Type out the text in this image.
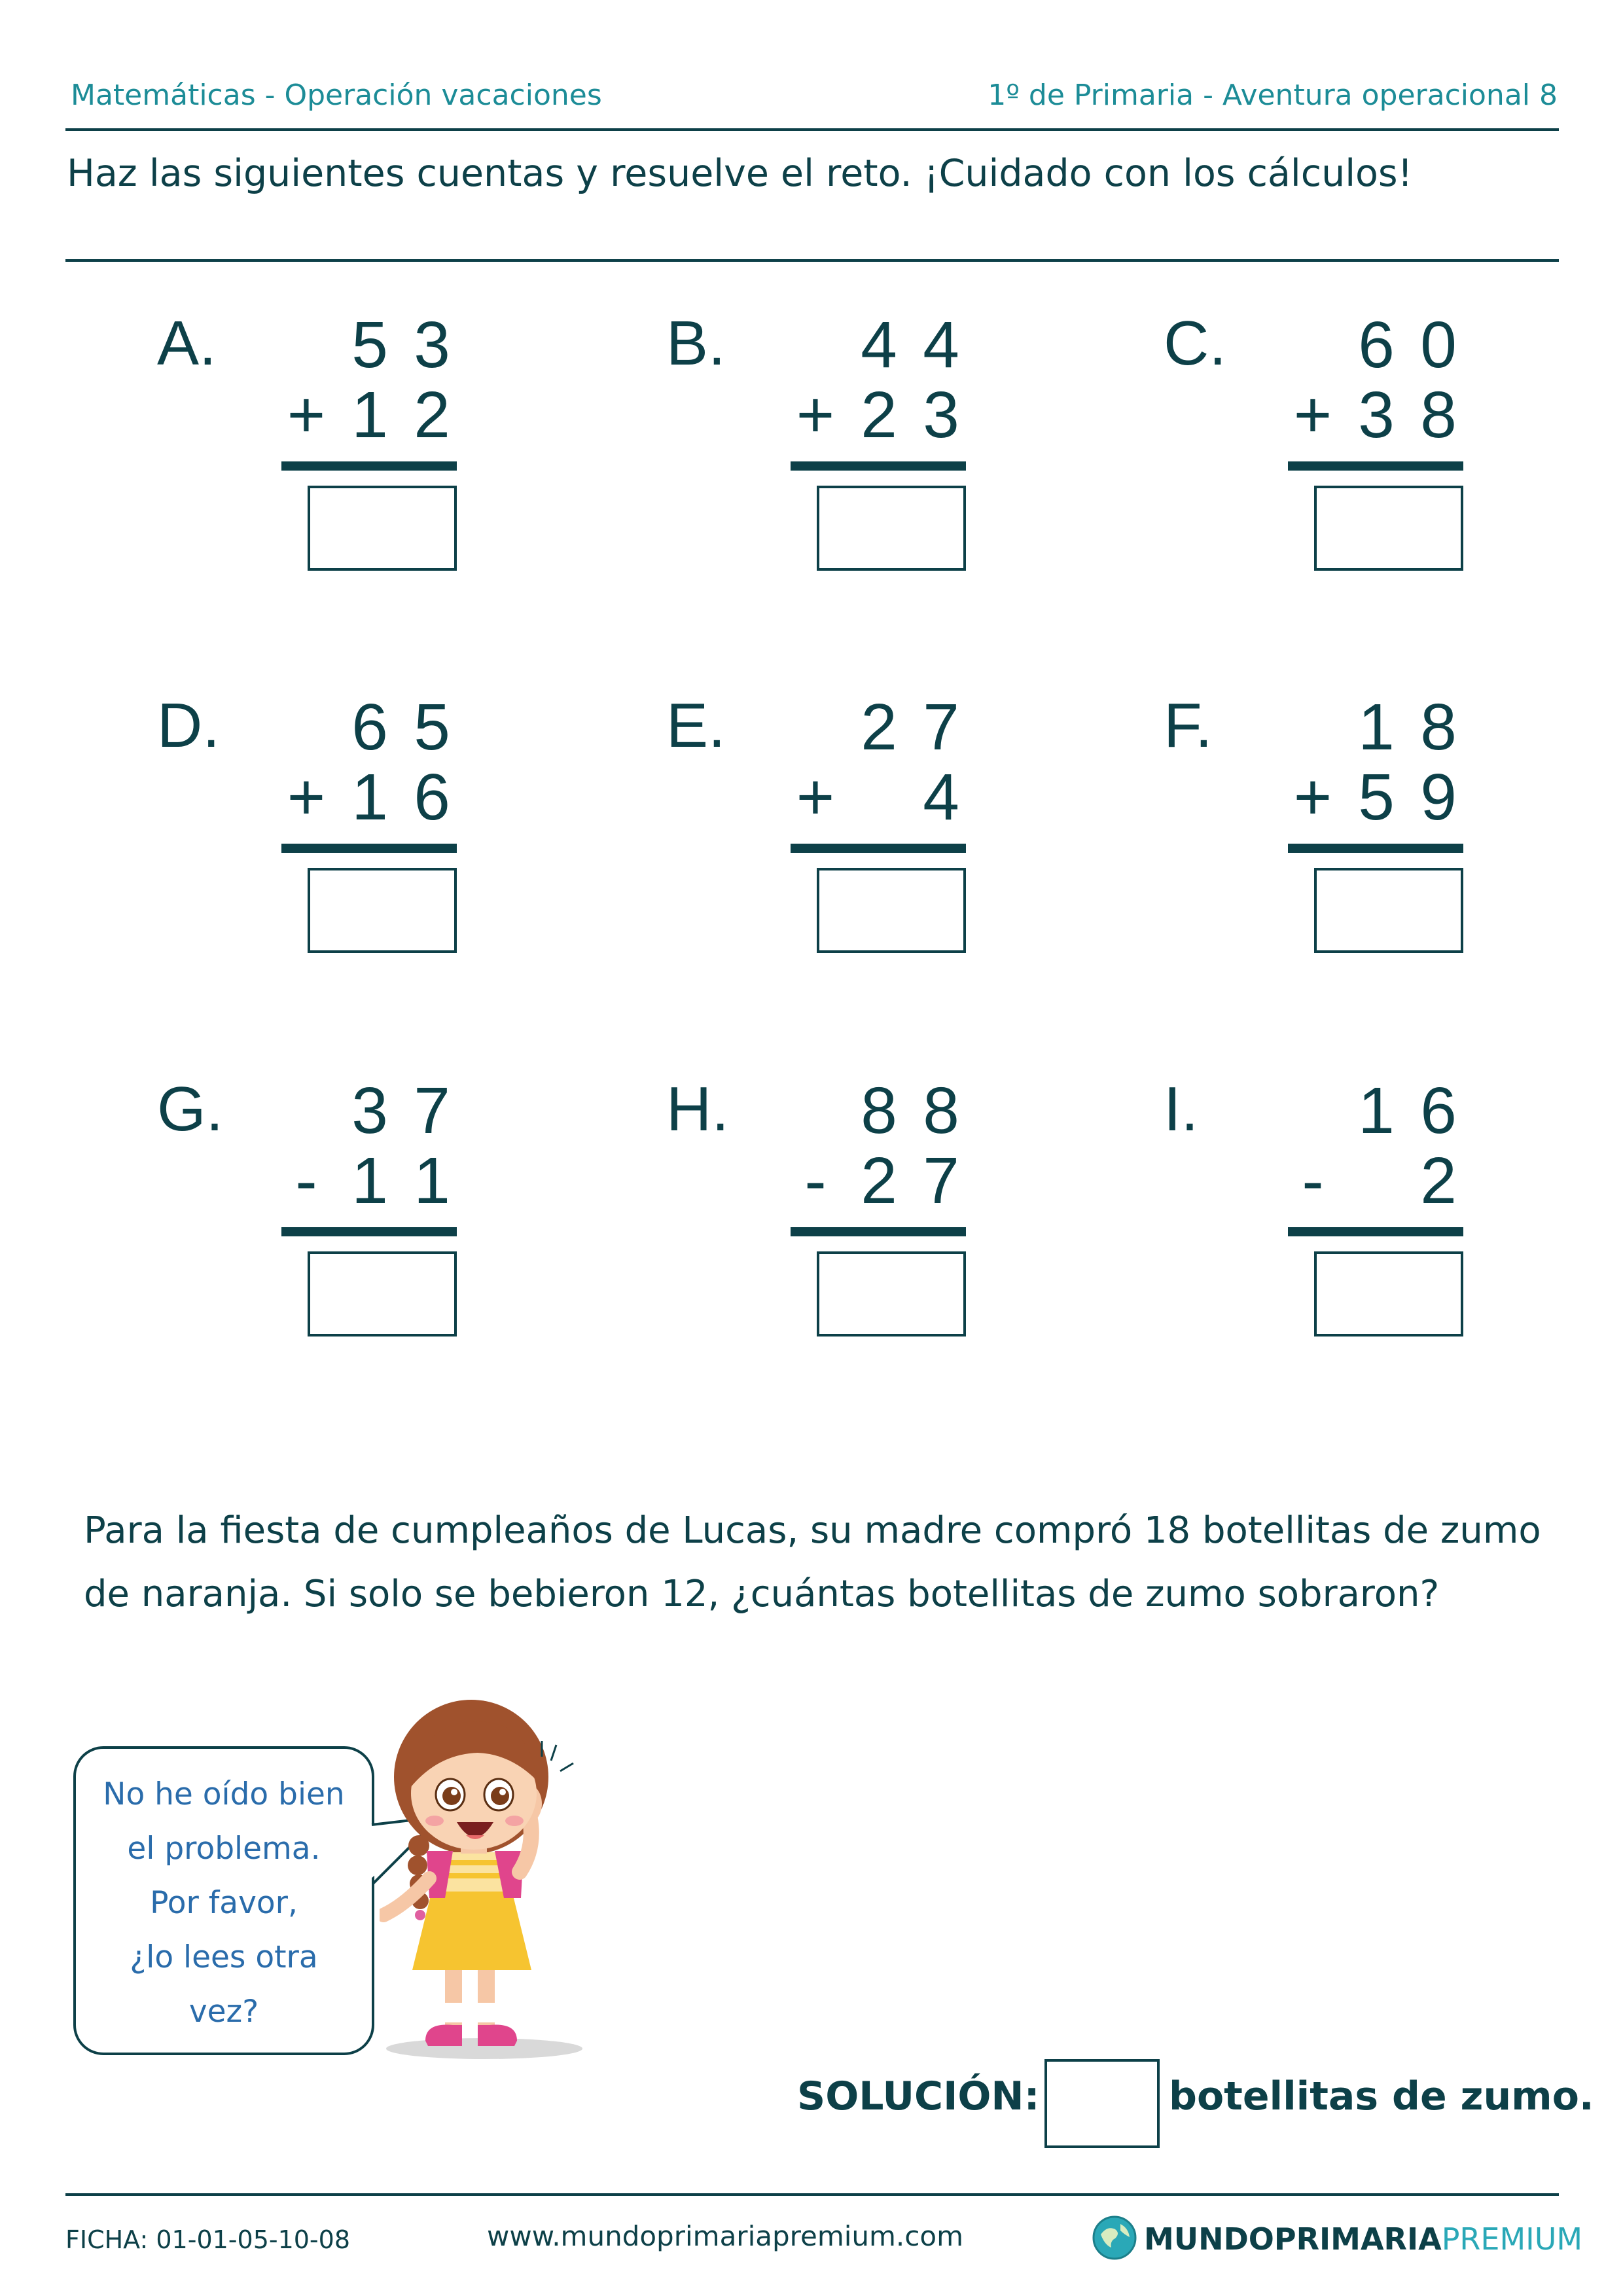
Matemáticas - Operación vacaciones	1º de Primaria - Aventura operacional 8
Haz las siguientes cuentas y resuelve el reto. ¡Cuidado con los cálculos!
A. 5 3
+ 1 2
B. 4 4
+ 2 3
C. 6 0
+ 3 8
D. 6 5
+ 1 6
E. 2 7
+ 4
F. 1 8
+ 5 9
G. 3 7
- 1 1
H. 8 8
- 2 7
I. 1 6
- 2
Para la fiesta de cumpleaños de Lucas, su madre compró 18 botellitas de zumo
de naranja. Si solo se bebieron 12, ¿cuántas botellitas de zumo sobraron?
No he oído bien
el problema.
Por favor,
¿lo lees otra
vez?
SOLUCIÓN:	botellitas de zumo.
FICHA: 01-01-05-10-08	www.mundoprimariapremium.com	MUNDOPRIMARIAPREMIUM
